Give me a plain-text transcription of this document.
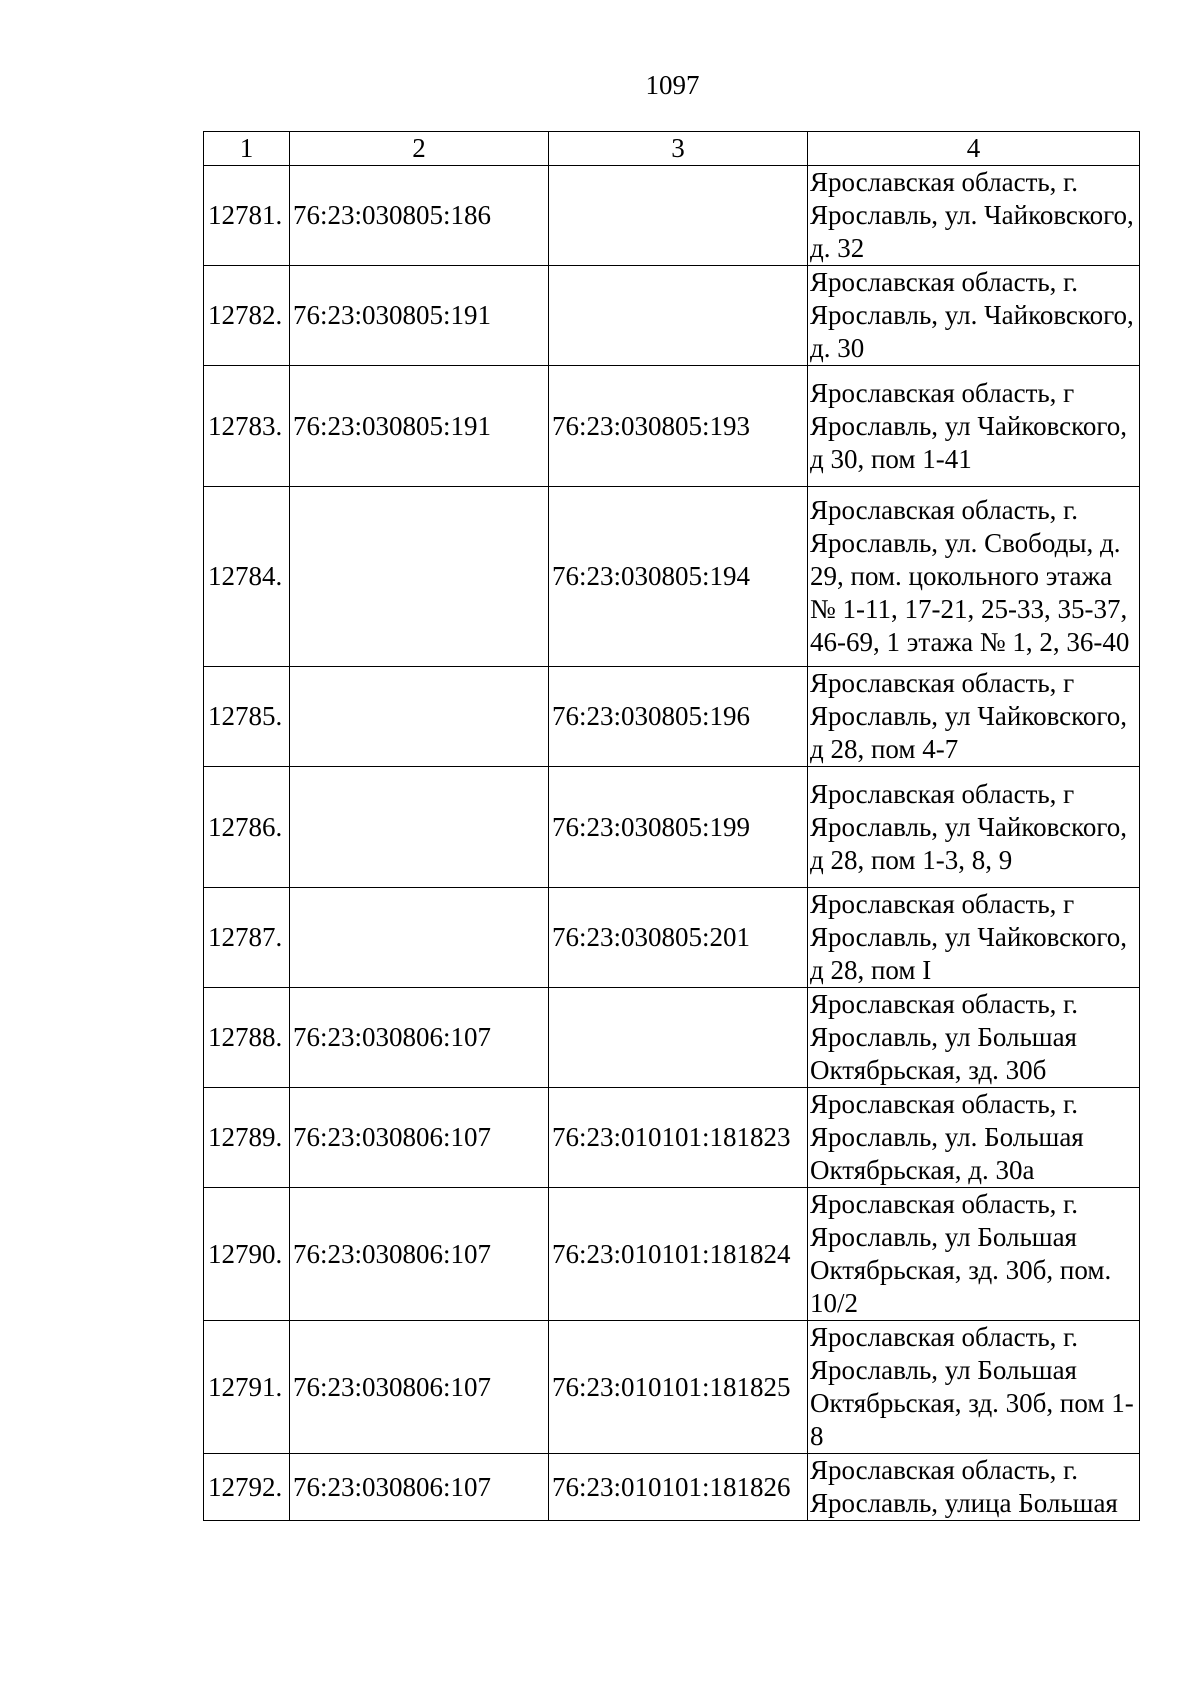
1097
1	2	3	4
12781.	76:23:030805:186		Ярославская область, г. Ярославль, ул. Чайковского, д. 32
12782.	76:23:030805:191		Ярославская область, г. Ярославль, ул. Чайковского, д. 30
12783.	76:23:030805:191	76:23:030805:193	Ярославская область, г Ярославль, ул Чайковского, д 30, пом 1-41
12784.		76:23:030805:194	Ярославская область, г. Ярославль, ул. Свободы, д. 29, пом. цокольного этажа № 1-11, 17-21, 25-33, 35-37, 46-69, 1 этажа № 1, 2, 36-40
12785.		76:23:030805:196	Ярославская область, г Ярославль, ул Чайковского, д 28, пом 4-7
12786.		76:23:030805:199	Ярославская область, г Ярославль, ул Чайковского, д 28, пом 1-3, 8, 9
12787.		76:23:030805:201	Ярославская область, г Ярославль, ул Чайковского, д 28, пом I
12788.	76:23:030806:107		Ярославская область, г. Ярославль, ул Большая Октябрьская, зд. 30б
12789.	76:23:030806:107	76:23:010101:181823	Ярославская область, г. Ярославль, ул. Большая Октябрьская, д. 30а
12790.	76:23:030806:107	76:23:010101:181824	Ярославская область, г. Ярославль, ул Большая Октябрьская, зд. 30б, пом. 10/2
12791.	76:23:030806:107	76:23:010101:181825	Ярославская область, г. Ярославль, ул Большая Октябрьская, зд. 30б, пом 1-8
12792.	76:23:030806:107	76:23:010101:181826	Ярославская область, г. Ярославль, улица Большая
